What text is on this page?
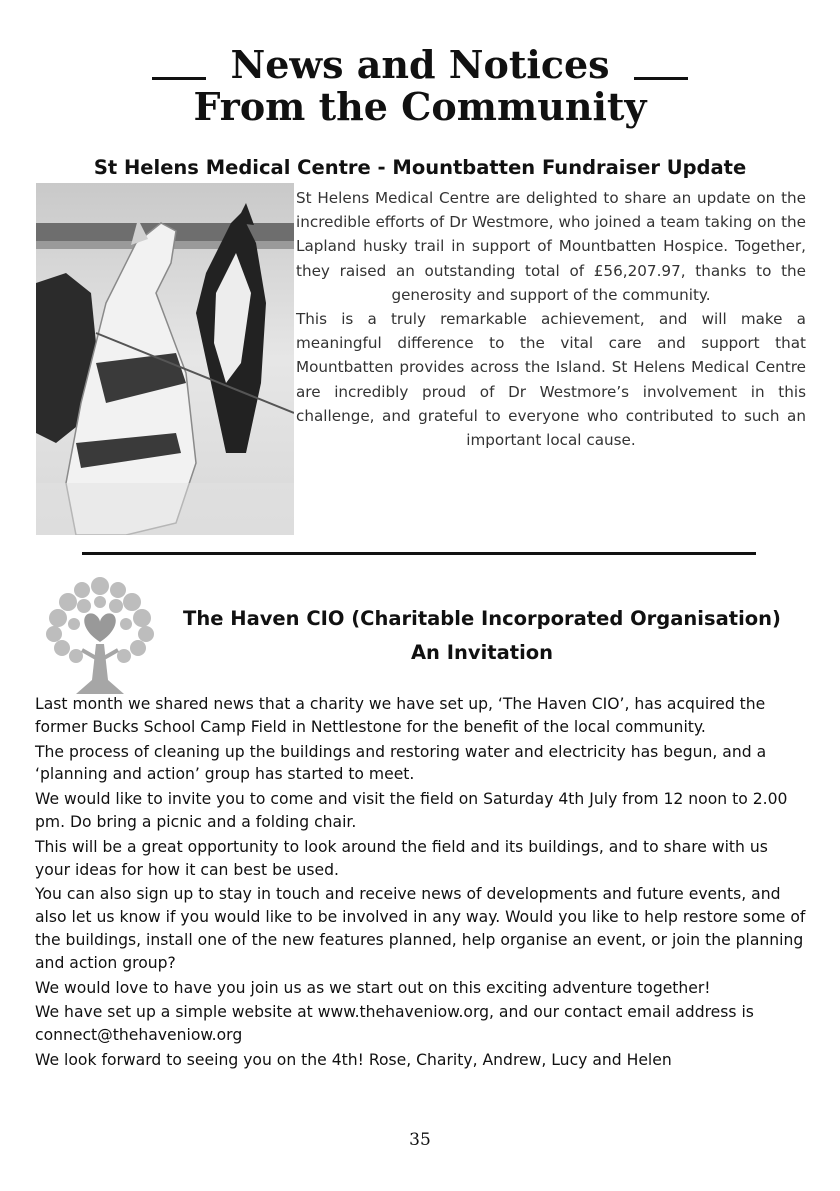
News and Notices

From the Community
St Helens Medical Centre - Mountbatten Fundraiser Update

St Helens Medical Centre are delighted to share an update on the incredible efforts of Dr Westmore, who joined a team taking on the Lapland husky trail in support of Mountbatten Hospice. Together, they raised an outstanding total of £56,207.97, thanks to the generosity and support of the community.

This is a truly remarkable achievement, and will make a meaningful difference to the vital care and support that Mountbatten provides across the Island. St Helens Medical Centre are incredibly proud of Dr Westmore’s involvement in this challenge, and grateful to everyone who contributed to such an important local cause.

The Haven CIO (Charitable Incorporated Organisation)
An Invitation

Last month we shared news that a charity we have set up, ‘The Haven CIO’, has acquired the former Bucks School Camp Field in Nettlestone for the benefit of the local community.

The process of cleaning up the buildings and restoring water and electricity has begun, and a ‘planning and action’ group has started to meet.

We would like to invite you to come and visit the field on Saturday 4th July from 12 noon to 2.00 pm. Do bring a picnic and a folding chair.

This will be a great opportunity to look around the field and its buildings, and to share with us your ideas for how it can best be used.

You can also sign up to stay in touch and receive news of developments and future events, and also let us know if you would like to be involved in any way. Would you like to help restore some of the buildings, install one of the new features planned, help organise an event, or join the planning and action group?

We would love to have you join us as we start out on this exciting adventure together!

We have set up a simple website at www.thehaveniow.org, and our contact email address is connect@thehaveniow.org

We look forward to seeing you on the 4th! Rose, Charity, Andrew, Lucy and Helen

35
